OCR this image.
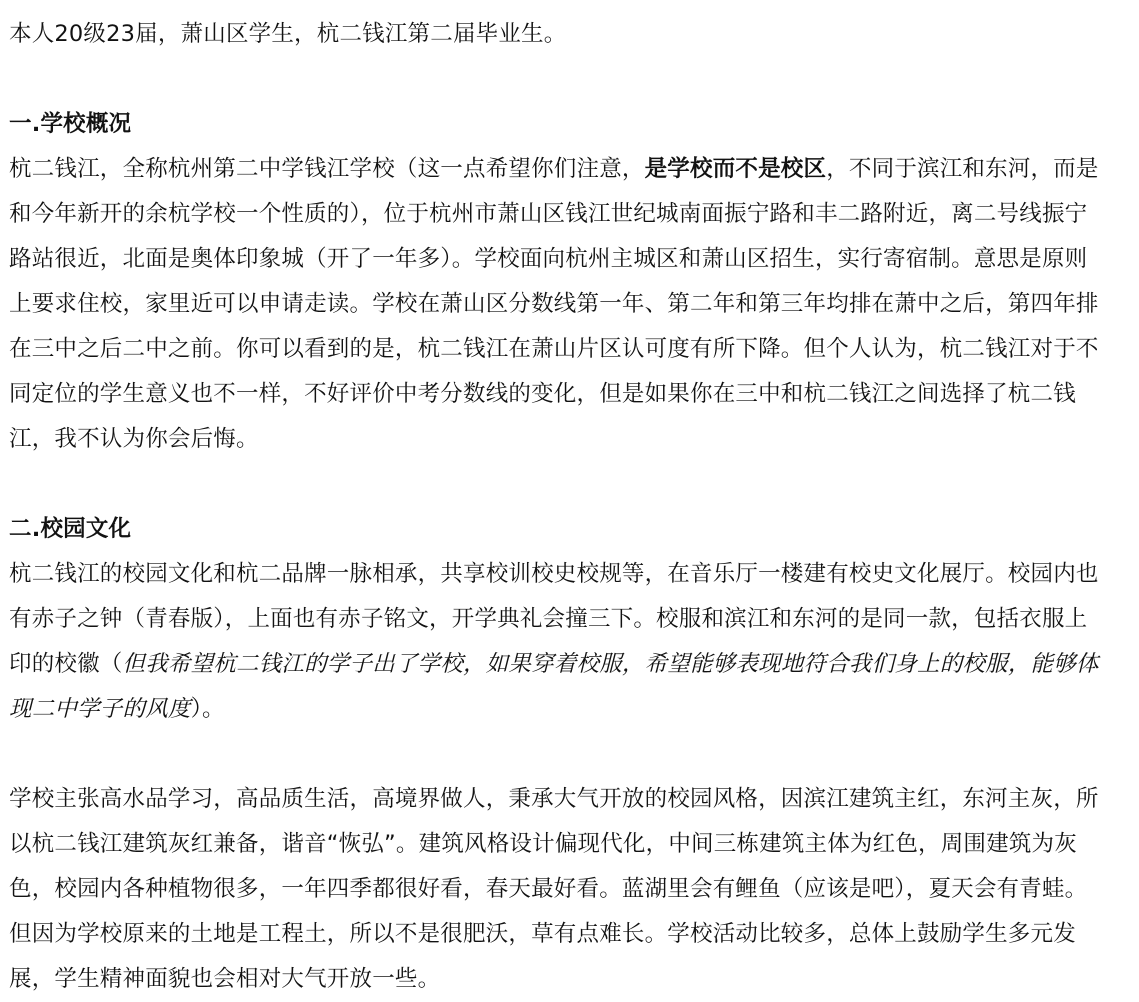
本人20级23届，萧山区学生，杭二钱江第二届毕业生。

一.学校概况

杭二钱江，全称杭州第二中学钱江学校（这一点希望你们注意，是学校而不是校区，不同于滨江和东河，而是和今年新开的余杭学校一个性质的），位于杭州市萧山区钱江世纪城南面振宁路和丰二路附近，离二号线振宁路站很近，北面是奥体印象城（开了一年多）。学校面向杭州主城区和萧山区招生，实行寄宿制。意思是原则上要求住校，家里近可以申请走读。学校在萧山区分数线第一年、第二年和第三年均排在萧中之后，第四年排在三中之后二中之前。你可以看到的是，杭二钱江在萧山片区认可度有所下降。但个人认为，杭二钱江对于不同定位的学生意义也不一样，不好评价中考分数线的变化，但是如果你在三中和杭二钱江之间选择了杭二钱江，我不认为你会后悔。

二.校园文化

杭二钱江的校园文化和杭二品牌一脉相承，共享校训校史校规等，在音乐厅一楼建有校史文化展厅。校园内也有赤子之钟（青春版），上面也有赤子铭文，开学典礼会撞三下。校服和滨江和东河的是同一款，包括衣服上印的校徽（但我希望杭二钱江的学子出了学校，如果穿着校服，希望能够表现地符合我们身上的校服，能够体现二中学子的风度）。

学校主张高水品学习，高品质生活，高境界做人，秉承大气开放的校园风格，因滨江建筑主红，东河主灰，所以杭二钱江建筑灰红兼备，谐音“恢弘”。建筑风格设计偏现代化，中间三栋建筑主体为红色，周围建筑为灰色，校园内各种植物很多，一年四季都很好看，春天最好看。蓝湖里会有鲤鱼（应该是吧），夏天会有青蛙。但因为学校原来的土地是工程土，所以不是很肥沃，草有点难长。学校活动比较多，总体上鼓励学生多元发展，学生精神面貌也会相对大气开放一些。
